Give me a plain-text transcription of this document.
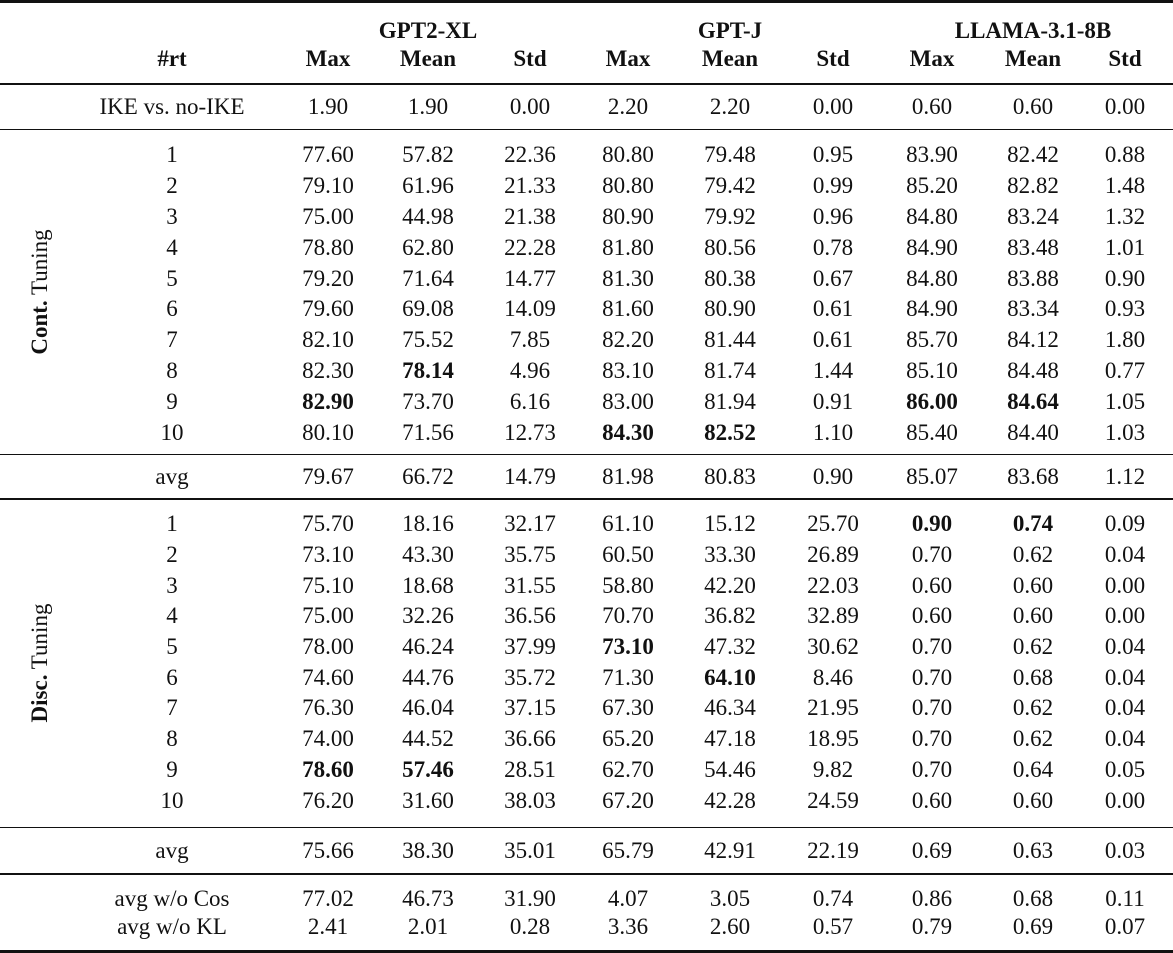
GPT2-XL	GPT-J	LLAMA-3.1-8B
#rt	Max	Mean	Std	Max	Mean	Std	Max	Mean	Std
IKE vs. no-IKE	1.90	1.90	0.00	2.20	2.20	0.00	0.60	0.60	0.00
Cont. Tuning
1	77.60	57.82	22.36	80.80	79.48	0.95	83.90	82.42	0.88
2	79.10	61.96	21.33	80.80	79.42	0.99	85.20	82.82	1.48
3	75.00	44.98	21.38	80.90	79.92	0.96	84.80	83.24	1.32
4	78.80	62.80	22.28	81.80	80.56	0.78	84.90	83.48	1.01
5	79.20	71.64	14.77	81.30	80.38	0.67	84.80	83.88	0.90
6	79.60	69.08	14.09	81.60	80.90	0.61	84.90	83.34	0.93
7	82.10	75.52	7.85	82.20	81.44	0.61	85.70	84.12	1.80
8	82.30	78.14	4.96	83.10	81.74	1.44	85.10	84.48	0.77
9	82.90	73.70	6.16	83.00	81.94	0.91	86.00	84.64	1.05
10	80.10	71.56	12.73	84.30	82.52	1.10	85.40	84.40	1.03
avg	79.67	66.72	14.79	81.98	80.83	0.90	85.07	83.68	1.12
Disc. Tuning
1	75.70	18.16	32.17	61.10	15.12	25.70	0.90	0.74	0.09
2	73.10	43.30	35.75	60.50	33.30	26.89	0.70	0.62	0.04
3	75.10	18.68	31.55	58.80	42.20	22.03	0.60	0.60	0.00
4	75.00	32.26	36.56	70.70	36.82	32.89	0.60	0.60	0.00
5	78.00	46.24	37.99	73.10	47.32	30.62	0.70	0.62	0.04
6	74.60	44.76	35.72	71.30	64.10	8.46	0.70	0.68	0.04
7	76.30	46.04	37.15	67.30	46.34	21.95	0.70	0.62	0.04
8	74.00	44.52	36.66	65.20	47.18	18.95	0.70	0.62	0.04
9	78.60	57.46	28.51	62.70	54.46	9.82	0.70	0.64	0.05
10	76.20	31.60	38.03	67.20	42.28	24.59	0.60	0.60	0.00
avg	75.66	38.30	35.01	65.79	42.91	22.19	0.69	0.63	0.03
avg w/o Cos	77.02	46.73	31.90	4.07	3.05	0.74	0.86	0.68	0.11
avg w/o KL	2.41	2.01	0.28	3.36	2.60	0.57	0.79	0.69	0.07
